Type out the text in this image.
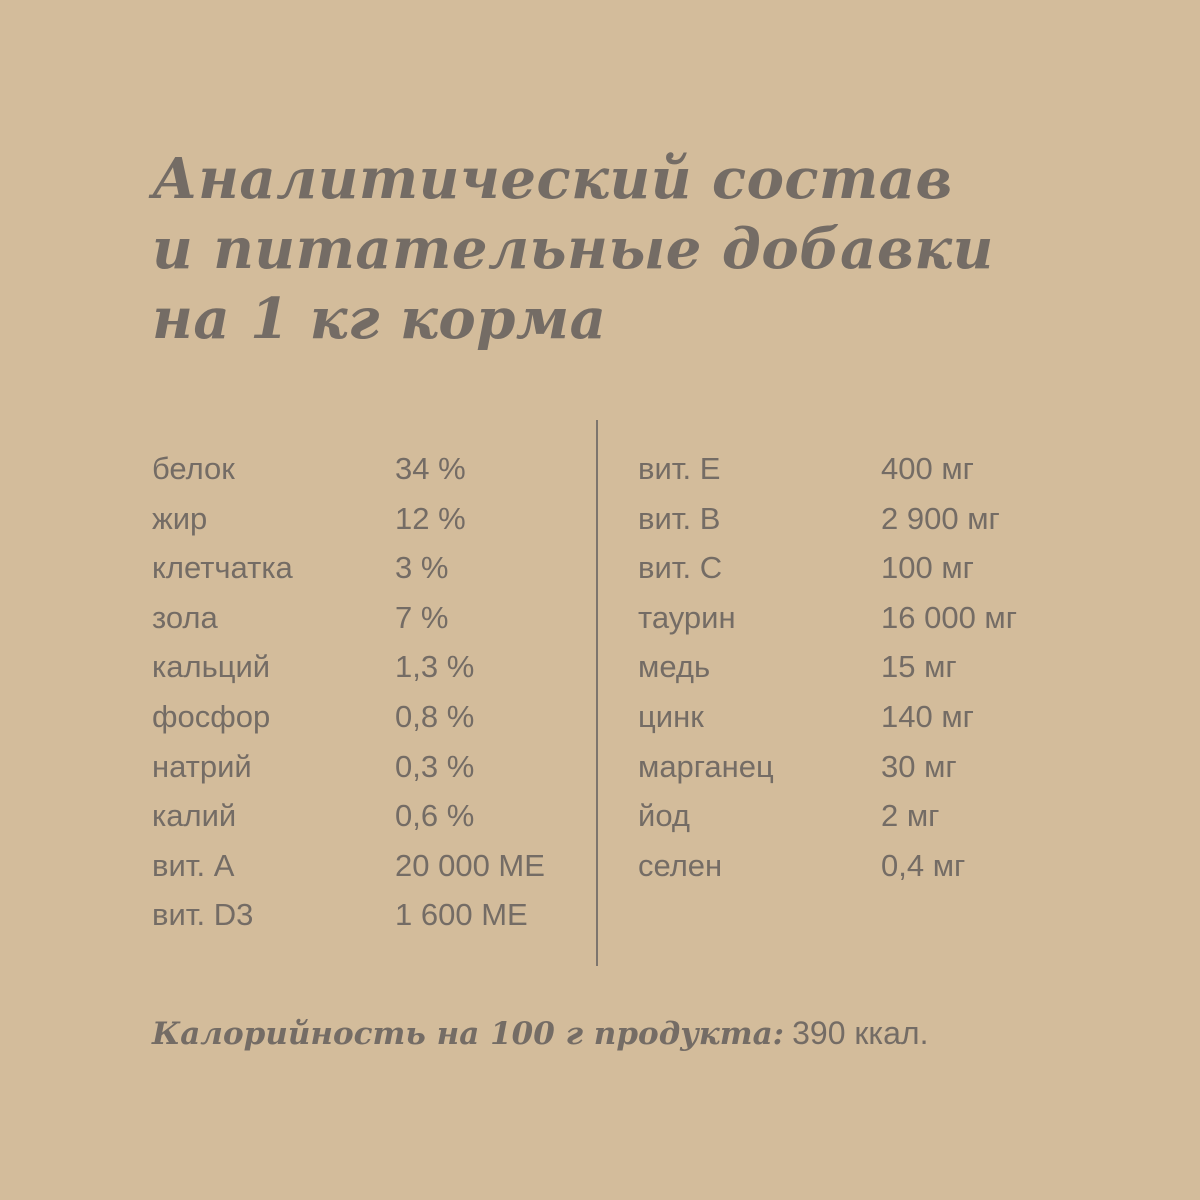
Аналитический состав
и питательные добавки
на 1 кг корма
белок	34 %
жир	12 %
клетчатка	3 %
зола	7 %
кальций	1,3 %
фосфор	0,8 %
натрий	0,3 %
калий	0,6 %
вит. А	20 000 МЕ
вит. D3	1 600 МЕ
вит. Е	400 мг
вит. В	2 900 мг
вит. С	100 мг
таурин	16 000 мг
медь	15 мг
цинк	140 мг
марганец	30 мг
йод	2 мг
селен	0,4 мг
Калорийность на 100 г продукта: 390 ккал.
